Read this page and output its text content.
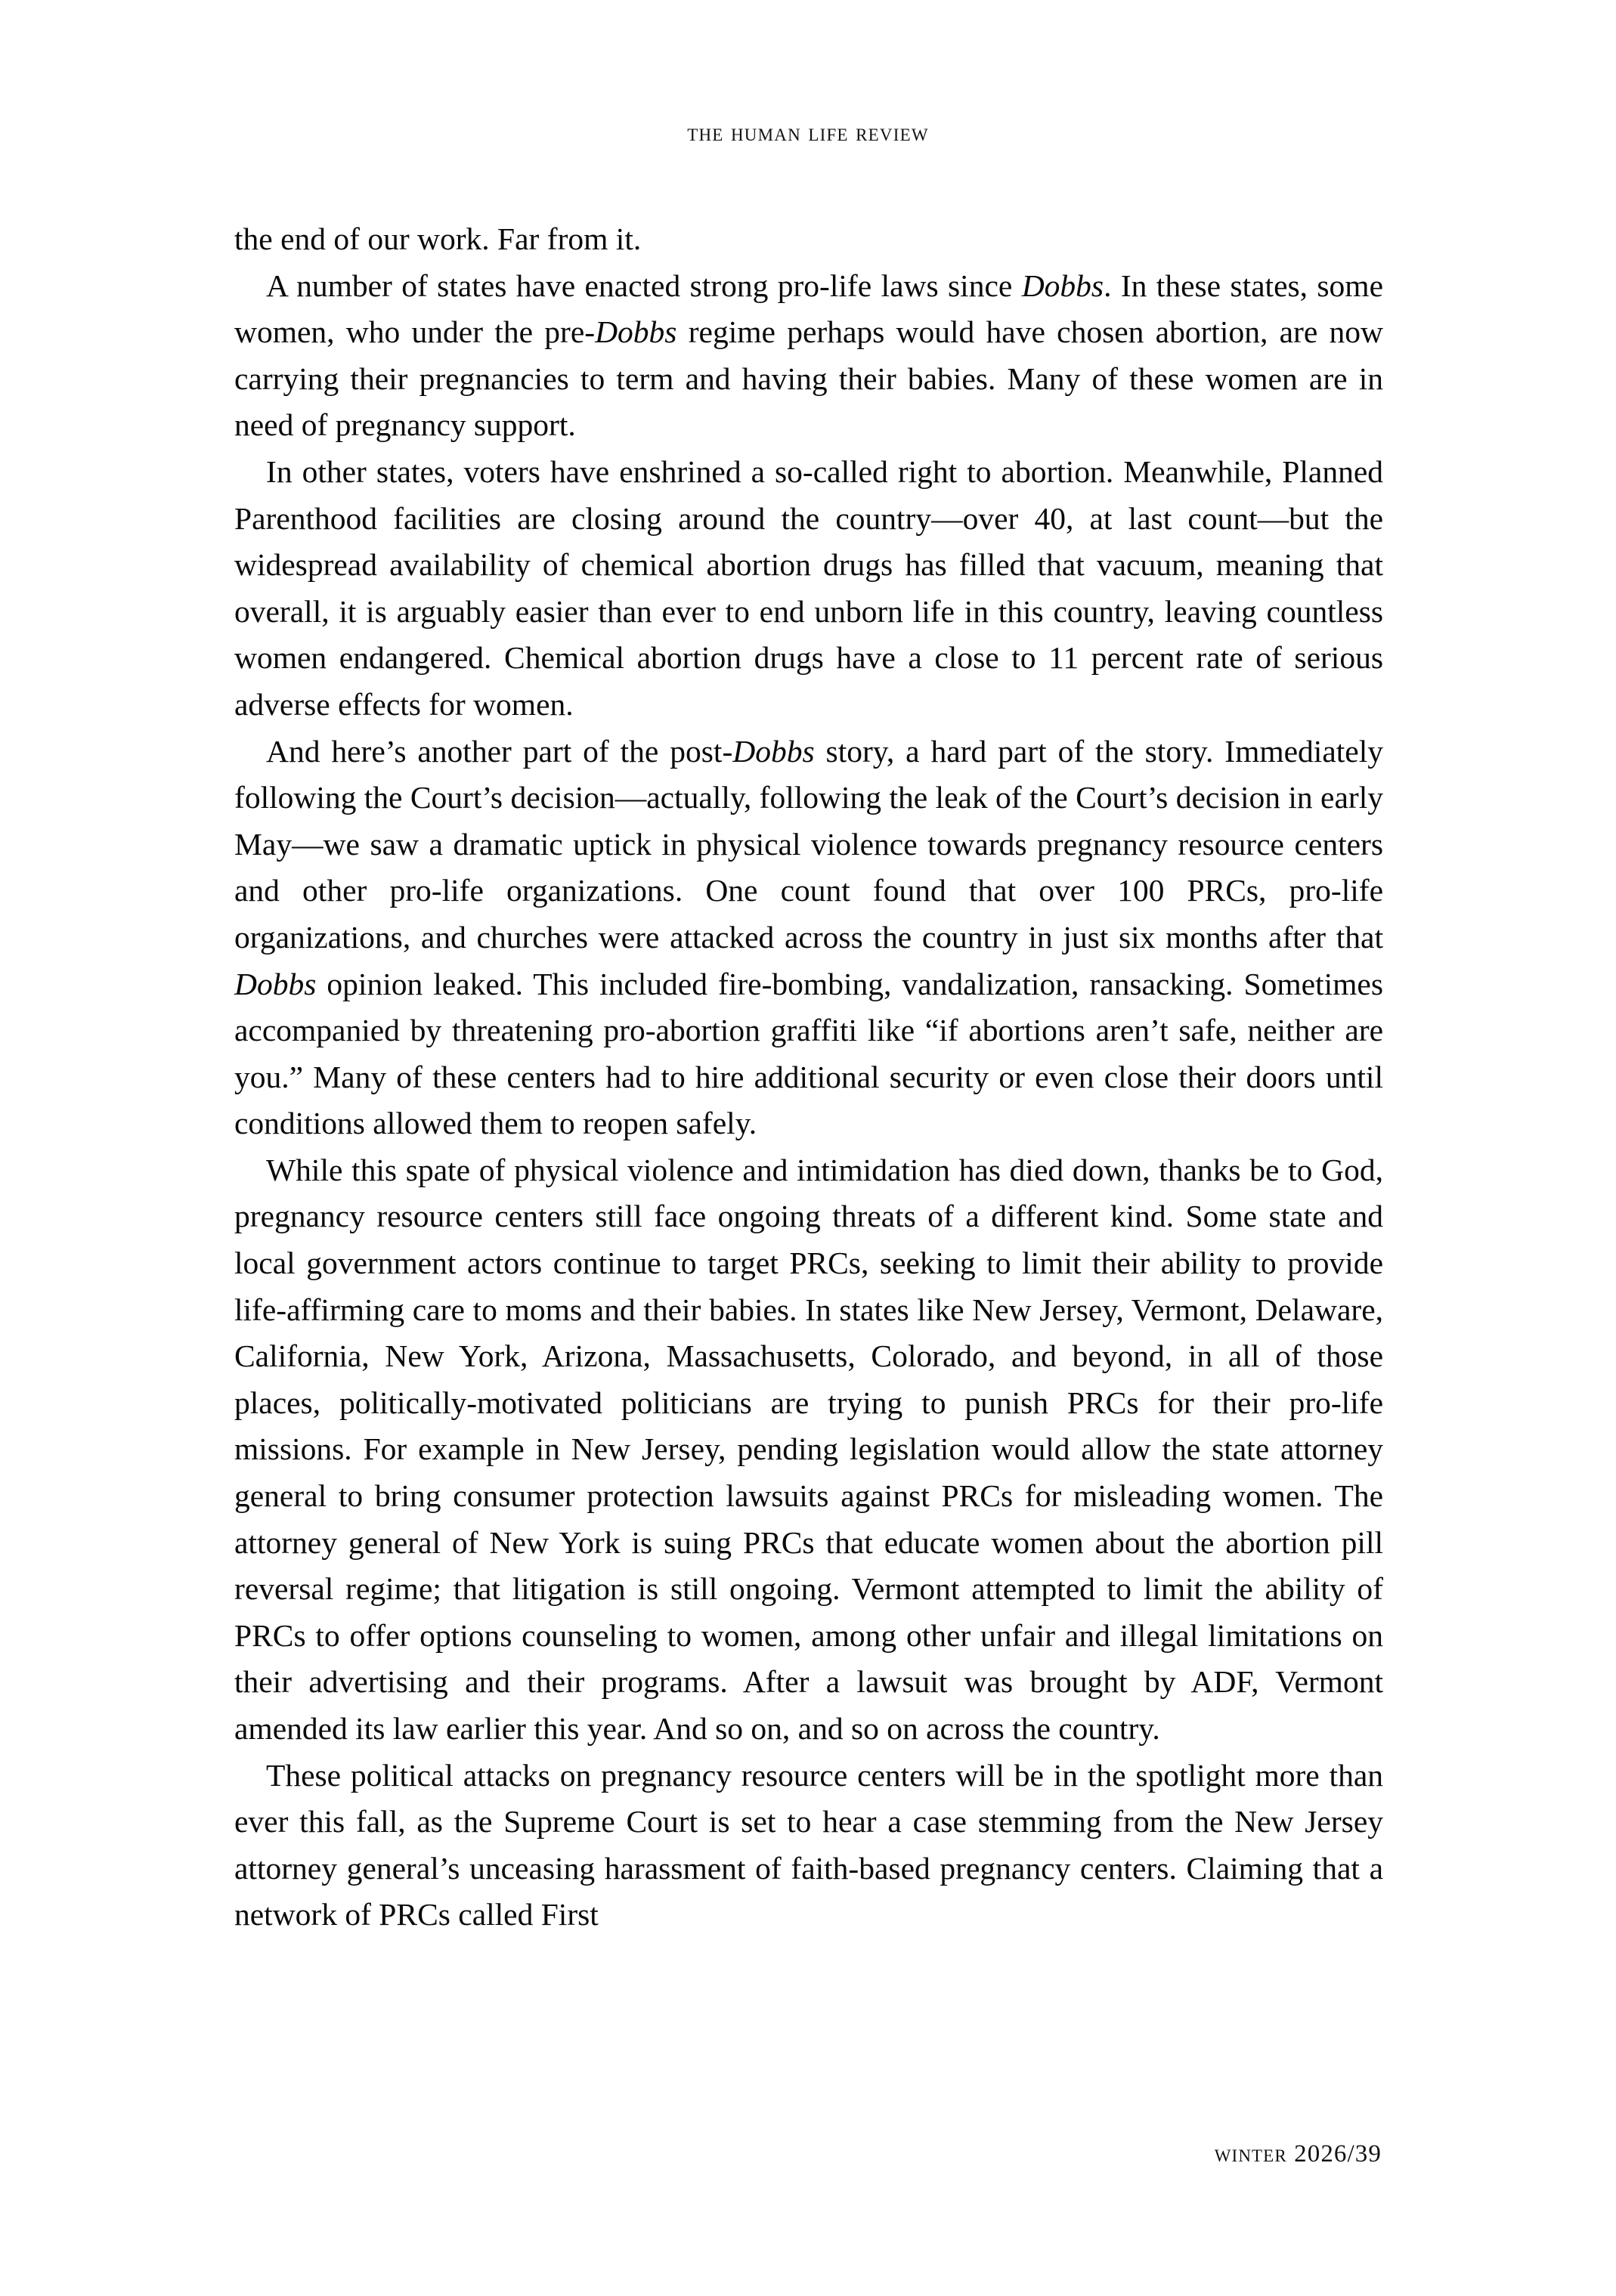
the human life review

the end of our work. Far from it.

A number of states have enacted strong pro-life laws since Dobbs. In these states, some women, who under the pre-Dobbs regime perhaps would have chosen abortion, are now carrying their pregnancies to term and having their babies. Many of these women are in need of pregnancy support.

In other states, voters have enshrined a so-called right to abortion. Meanwhile, Planned Parenthood facilities are closing around the country—over 40, at last count—but the widespread availability of chemical abortion drugs has filled that vacuum, meaning that overall, it is arguably easier than ever to end unborn life in this country, leaving countless women endangered. Chemical abortion drugs have a close to 11 percent rate of serious adverse effects for women.

And here’s another part of the post-Dobbs story, a hard part of the story. Immediately following the Court’s decision—actually, following the leak of the Court’s decision in early May—we saw a dramatic uptick in physical violence towards pregnancy resource centers and other pro-life organizations. One count found that over 100 PRCs, pro-life organizations, and churches were attacked across the country in just six months after that Dobbs opinion leaked. This included fire-bombing, vandalization, ransacking. Sometimes accompanied by threatening pro-abortion graffiti like “if abortions aren’t safe, neither are you.” Many of these centers had to hire additional security or even close their doors until conditions allowed them to reopen safely.

While this spate of physical violence and intimidation has died down, thanks be to God, pregnancy resource centers still face ongoing threats of a different kind. Some state and local government actors continue to target PRCs, seeking to limit their ability to provide life-affirming care to moms and their babies. In states like New Jersey, Vermont, Delaware, California, New York, Arizona, Massachusetts, Colorado, and beyond, in all of those places, politically-motivated politicians are trying to punish PRCs for their pro-life missions. For example in New Jersey, pending legislation would allow the state attorney general to bring consumer protection lawsuits against PRCs for misleading women. The attorney general of New York is suing PRCs that educate women about the abortion pill reversal regime; that litigation is still ongoing. Vermont attempted to limit the ability of PRCs to offer options counseling to women, among other unfair and illegal limitations on their advertising and their programs. After a lawsuit was brought by ADF, Vermont amended its law earlier this year. And so on, and so on across the country.

These political attacks on pregnancy resource centers will be in the spotlight more than ever this fall, as the Supreme Court is set to hear a case stemming from the New Jersey attorney general’s unceasing harassment of faith-based pregnancy centers. Claiming that a network of PRCs called First

winter 2026/39
